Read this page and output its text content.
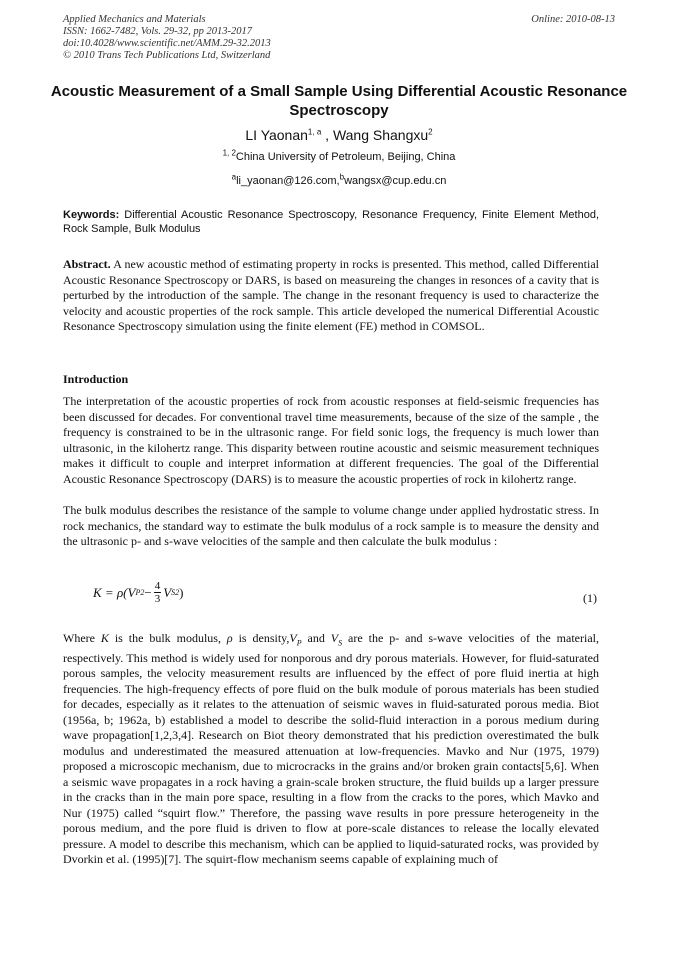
Applied Mechanics and Materials
ISSN: 1662-7482, Vols. 29-32, pp 2013-2017
doi:10.4028/www.scientific.net/AMM.29-32.2013
© 2010 Trans Tech Publications Ltd, Switzerland
Online: 2010-08-13
Acoustic Measurement of a Small Sample Using Differential Acoustic Resonance Spectroscopy
LI Yaonan$^{1, a}$ , Wang Shangxu$^2$
$^{1, 2}$China University of Petroleum, Beijing, China
$^a$li_yaonan@126.com,$^b$wangsx@cup.edu.cn
Keywords: Differential Acoustic Resonance Spectroscopy, Resonance Frequency, Finite Element Method, Rock Sample, Bulk Modulus

Abstract. A new acoustic method of estimating property in rocks is presented. This method, called Differential Acoustic Resonance Spectroscopy or DARS, is based on measureing the changes in resonces of a cavity that is perturbed by the introduction of the sample. The change in the resonant frequency is used to characterize the velocity and acoustic properties of the rock sample. This article developed the numerical Differential Acoustic Resonance Spectroscopy simulation using the finite element (FE) method in COMSOL.

Introduction

The interpretation of the acoustic properties of rock from acoustic responses at field-seismic frequencies has been discussed for decades. For conventional travel time measurements, because of the size of the sample , the frequency is constrained to be in the ultrasonic range. For field sonic logs, the frequency is much lower than ultrasonic, in the kilohertz range. This disparity between routine acoustic and seismic measurement techniques makes it difficult to couple and interpret information at different frequencies. The goal of the Differential Acoustic Resonance Spectroscopy (DARS) is to measure the acoustic properties of rock in kilohertz range.

The bulk modulus describes the resistance of the sample to volume change under applied hydrostatic stress. In rock mechanics, the standard way to estimate the bulk modulus of a rock sample is to measure the density and the ultrasonic p- and s-wave velocities of the sample and then calculate the bulk modulus :

K = ρ(V P $2 - \frac{4}{3}$ V S 2 )	(1)

Where K is the bulk modulus, ρ is $density,V_P$ and $V_S$ are the p- and s-wave velocities of the material, respectively. This method is widely used for nonporous and dry porous materials. However, for fluid-saturated porous samples, the velocity measurement results are influenced by the effect of pore fluid inertia at high frequencies. The high-frequency effects of pore fluid on the bulk module of porous materials has been studied for decades, especially as it relates to the attenuation of seismic waves in fluid-saturated porous media. Biot (1956a, b; 1962a, b) established a model to describe the solid-fluid interaction in a porous medium during wave propagation[1,2,3,4]. Research on Biot theory demonstrated that his prediction overestimated the bulk modulus and underestimated the measured attenuation at low-frequencies. Mavko and Nur (1975, 1979) proposed a microscopic mechanism, due to microcracks in the grains and/or broken grain contacts[5,6]. When a seismic wave propagates in a rock having a grain-scale broken structure, the fluid builds up a larger pressure in the cracks than in the main pore space, resulting in a flow from the cracks to the pores, which Mavko and Nur (1975) called “squirt flow.” Therefore, the passing wave results in pore pressure heterogeneity in the porous medium, and the pore fluid is driven to flow at pore-scale distances to release the locally elevated pressure. A model to describe this mechanism, which can be applied to liquid-saturated rocks, was provided by Dvorkin et al. (1995)[7]. The squirt-flow mechanism seems capable of explaining much of
